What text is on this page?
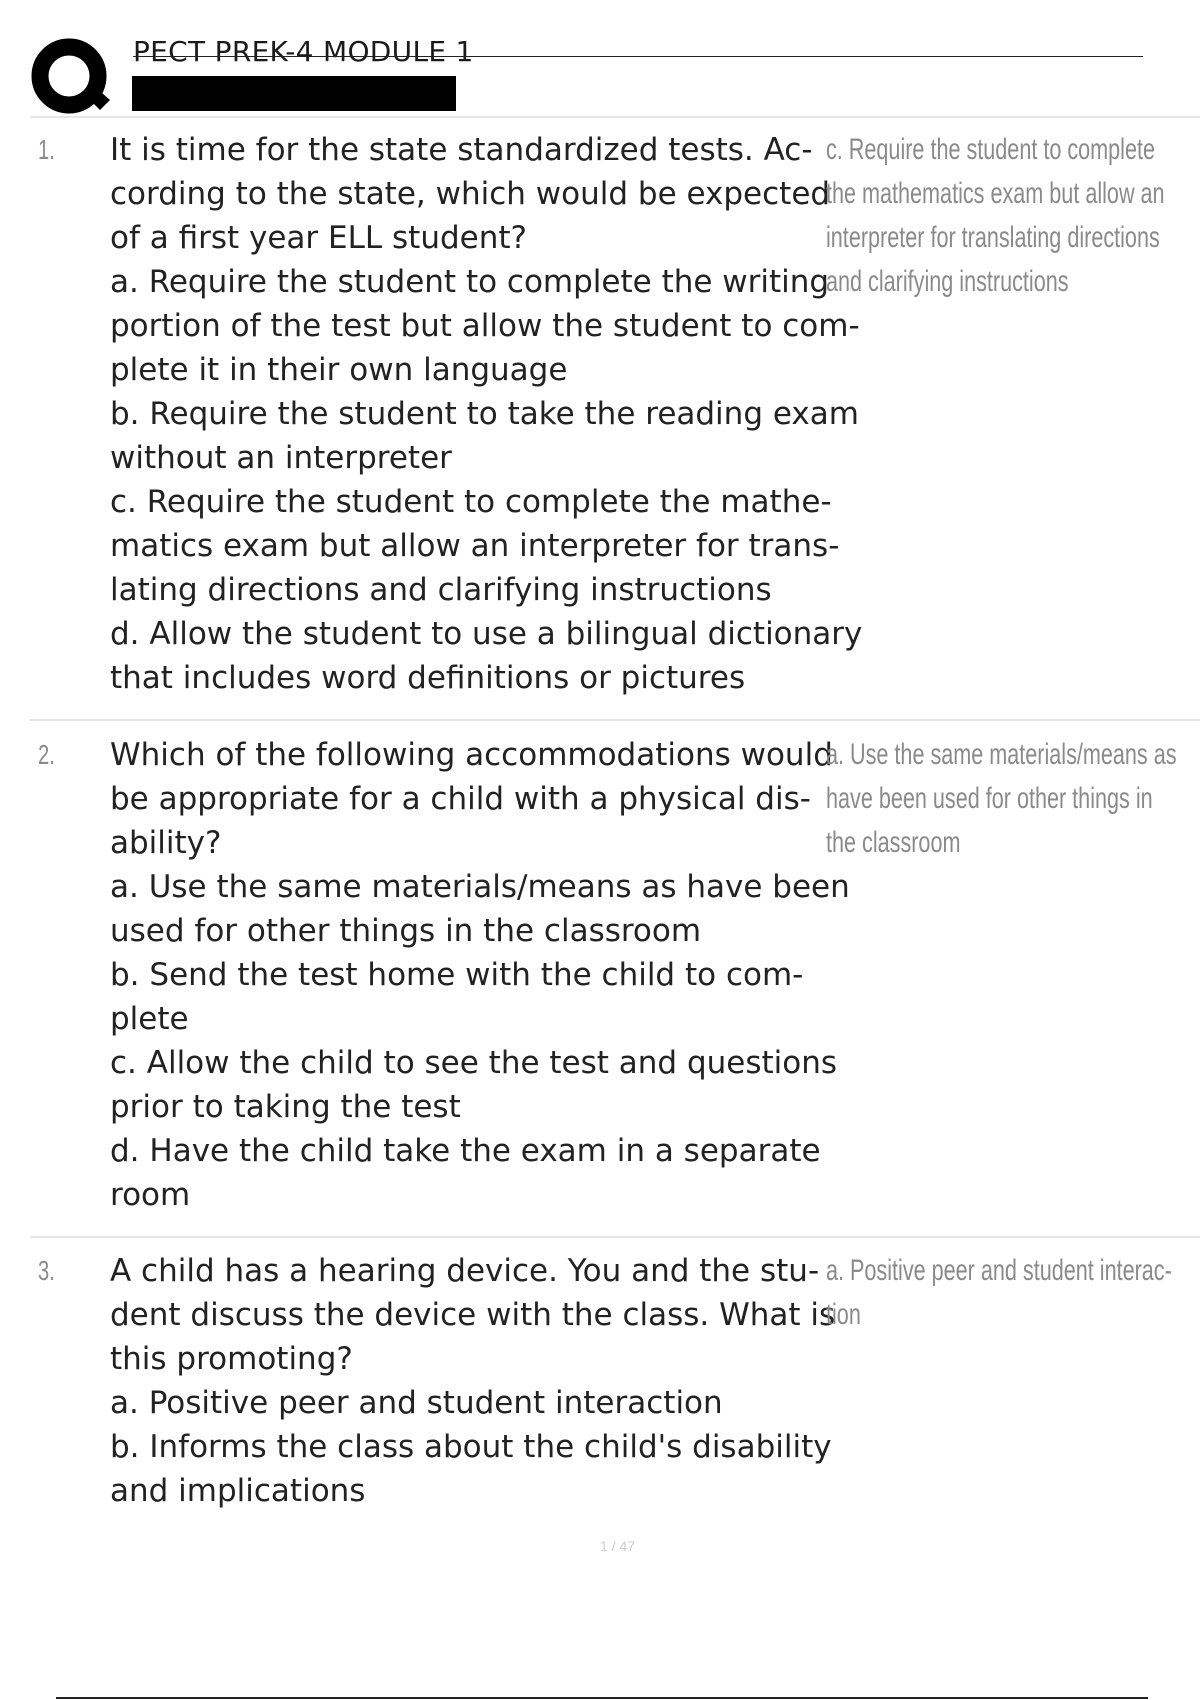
PECT PREK-4 MODULE 1
1. It is time for the state standardized tests. Ac-
cording to the state, which would be expected
of a first year ELL student?
a. Require the student to complete the writing
portion of the test but allow the student to com-
plete it in their own language
b. Require the student to take the reading exam
without an interpreter
c. Require the student to complete the mathe-
matics exam but allow an interpreter for trans-
lating directions and clarifying instructions
d. Allow the student to use a bilingual dictionary
that includes word definitions or pictures
c. Require the student to complete
the mathematics exam but allow an
interpreter for translating directions
and clarifying instructions
2. Which of the following accommodations would
be appropriate for a child with a physical dis-
ability?
a. Use the same materials/means as have been
used for other things in the classroom
b. Send the test home with the child to com-
plete
c. Allow the child to see the test and questions
prior to taking the test
d. Have the child take the exam in a separate
room
a. Use the same materials/means as
have been used for other things in
the classroom
3. A child has a hearing device. You and the stu-
dent discuss the device with the class. What is
this promoting?
a. Positive peer and student interaction
b. Informs the class about the child's disability
and implications
a. Positive peer and student interac-
tion
1 / 47
